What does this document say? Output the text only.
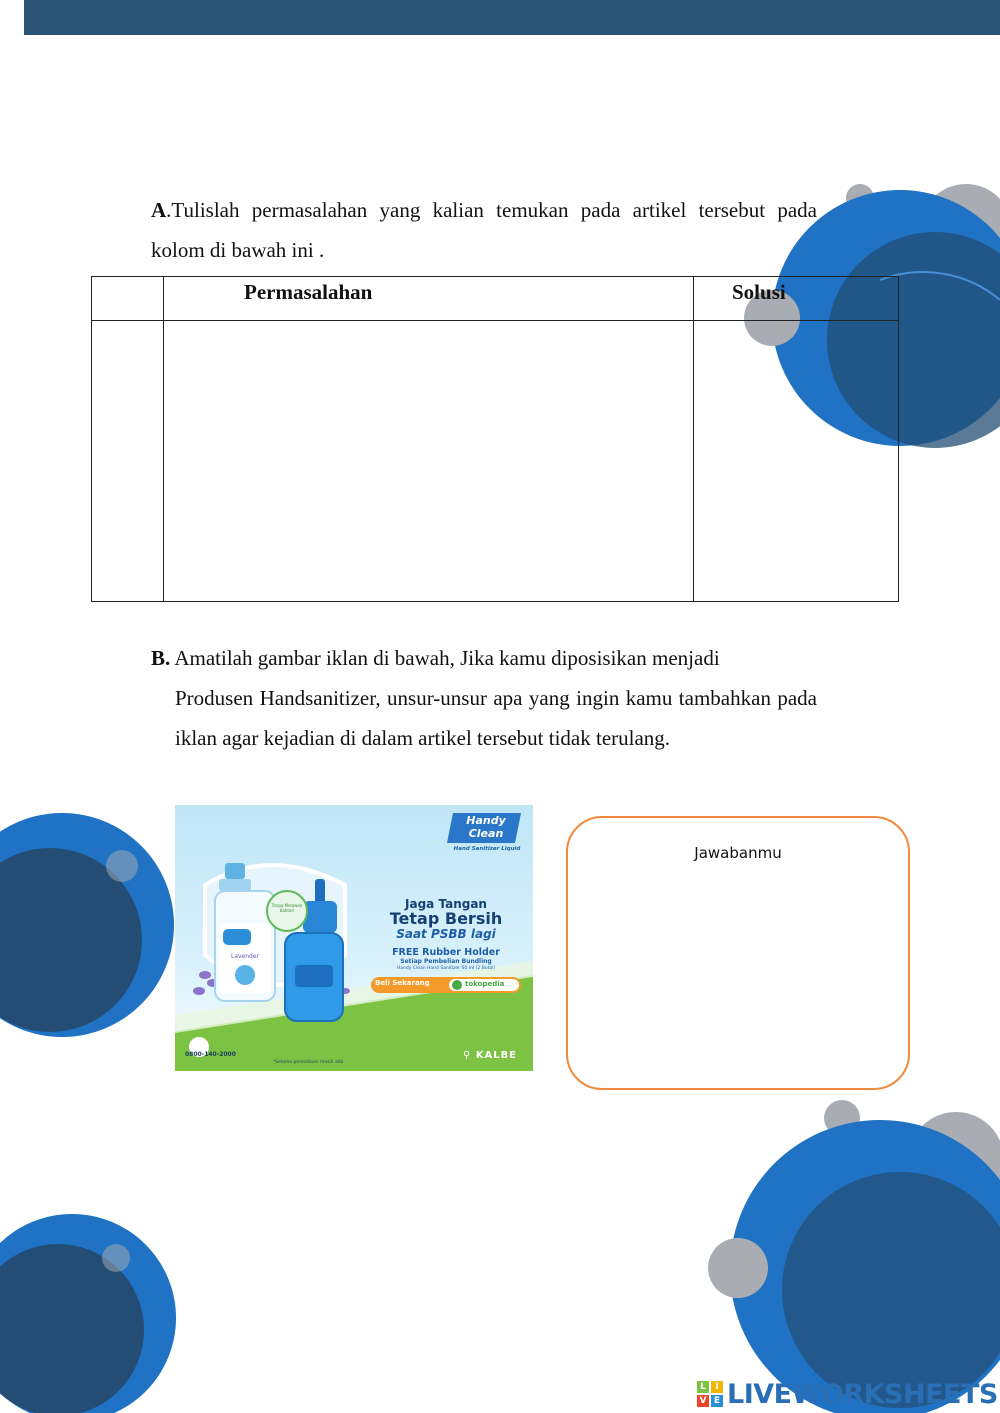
A.Tulislah permasalahan yang kalian temukan pada artikel tersebut pada kolom di bawah ini .
	Permasalahan	Solusi

B. Amatilah gambar iklan di bawah, Jika kamu diposisikan menjadi
Produsen Handsanitizer, unsur-unsur apa yang ingin kamu tambahkan pada iklan agar kejadian di dalam artikel tersebut tidak terulang.
Handy
Clean
Hand Sanitizer Liquid
Jaga Tangan
Tetap Bersih
Saat PSBB lagi
FREE Rubber Holder
Setiap Pembelian Bundling
Handy Clean Hand Sanitizer 60 ml (2 Botol)
Beli Sekarang	tokopedia
Lavender
Tanpa Melawan Bakteri
0800-140-2000
*Selama persediaan masih ada
⚲ KALBE
Jawabanmu
L	I
V E LIVEWORKSHEETS
